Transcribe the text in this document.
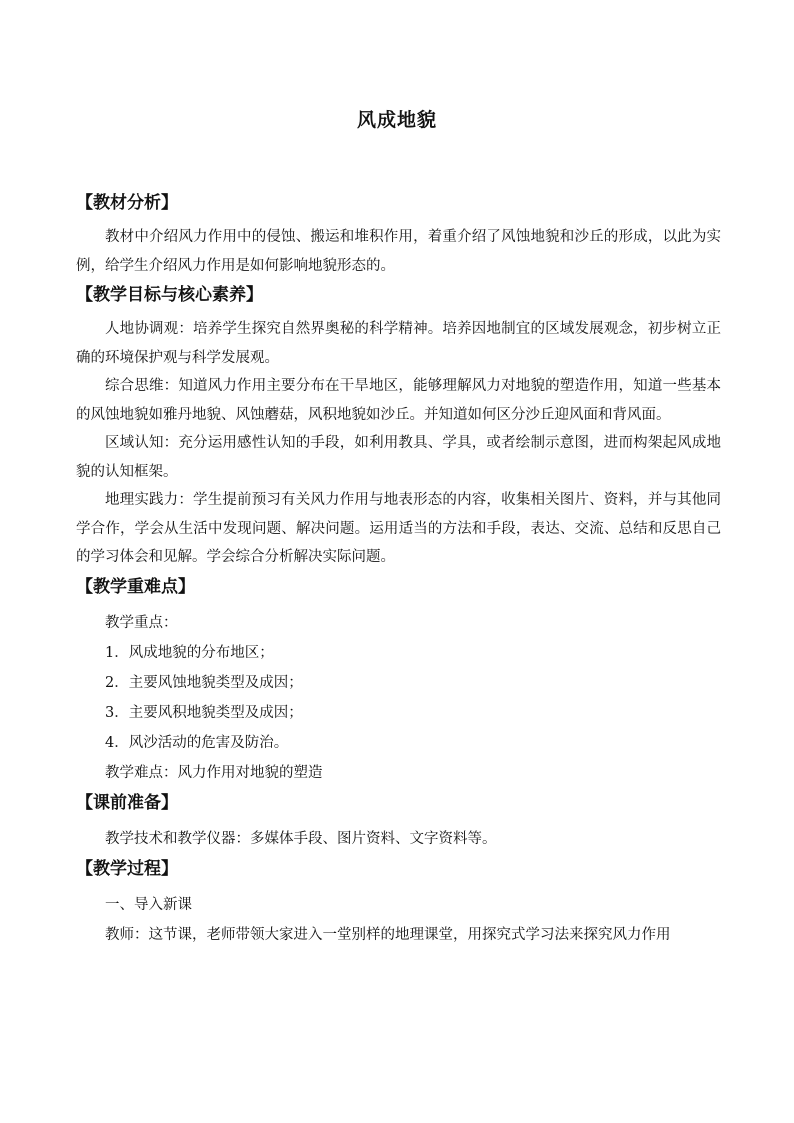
风成地貌
【教材分析】

教材中介绍风力作用中的侵蚀、搬运和堆积作用，着重介绍了风蚀地貌和沙丘的形成，以此为实例，给学生介绍风力作用是如何影响地貌形态的。

【教学目标与核心素养】

人地协调观：培养学生探究自然界奥秘的科学精神。培养因地制宜的区域发展观念，初步树立正确的环境保护观与科学发展观。

综合思维：知道风力作用主要分布在干旱地区，能够理解风力对地貌的塑造作用，知道一些基本的风蚀地貌如雅丹地貌、风蚀蘑菇，风积地貌如沙丘。并知道如何区分沙丘迎风面和背风面。

区域认知：充分运用感性认知的手段，如利用教具、学具，或者绘制示意图，进而构架起风成地貌的认知框架。

地理实践力：学生提前预习有关风力作用与地表形态的内容，收集相关图片、资料，并与其他同学合作，学会从生活中发现问题、解决问题。运用适当的方法和手段，表达、交流、总结和反思自己的学习体会和见解。学会综合分析解决实际问题。

【教学重难点】

教学重点：

1．风成地貌的分布地区；

2．主要风蚀地貌类型及成因；

3．主要风积地貌类型及成因；

4．风沙活动的危害及防治。

教学难点：风力作用对地貌的塑造

【课前准备】

教学技术和教学仪器：多媒体手段、图片资料、文字资料等。

【教学过程】

一、导入新课

教师：这节课，老师带领大家进入一堂别样的地理课堂，用探究式学习法来探究风力作用
